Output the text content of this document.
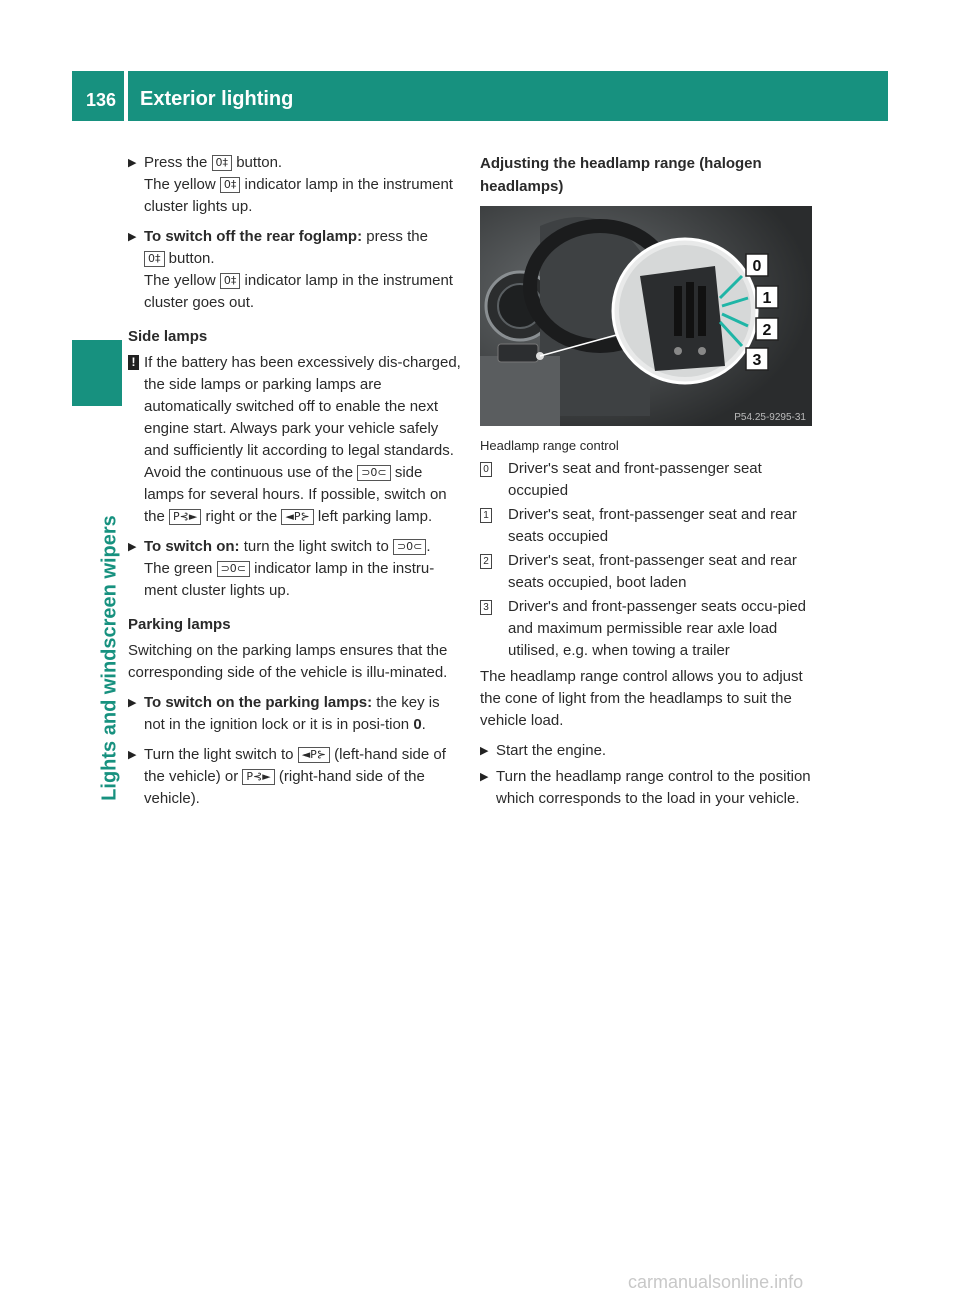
136 Exterior lighting
Lights and windscreen wipers

▶
Press the 0‡ button.
The yellow 0‡ indicator lamp in the instrument cluster lights up.

▶
To switch off the rear foglamp: press the
0‡ button.
The yellow 0‡ indicator lamp in the instrument cluster goes out.

Side lamps

! If the battery has been excessively dis-charged, the side lamps or parking lamps are automatically switched off to enable the next engine start. Always park your vehicle safely and sufficiently lit according to legal standards. Avoid the continuous use of the ⊃0⊂ side lamps for several hours. If possible, switch on the P⊰► right or the ◄P⊱ left parking lamp.

▶
To switch on: turn the light switch to ⊃0⊂ .
The green ⊃0⊂ indicator lamp in the instru-ment cluster lights up.

Parking lamps

Switching on the parking lamps ensures that the corresponding side of the vehicle is illu-minated.

▶
To switch on the parking lamps: the key is not in the ignition lock or it is in posi-tion 0.

▶
Turn the light switch to ◄P⊱ (left-hand side of the vehicle) or P⊰► (right-hand side of the vehicle).

Adjusting the headlamp range (halogen headlamps)

0
1
2
3
P54.25-9295-31
Headlamp range control
0 Driver's seat and front-passenger seat occupied
1 Driver's seat, front-passenger seat and rear seats occupied
2 Driver's seat, front-passenger seat and rear seats occupied, boot laden
3 Driver's and front-passenger seats occu-pied and maximum permissible rear axle load utilised, e.g. when towing a trailer

The headlamp range control allows you to adjust the cone of light from the headlamps to suit the vehicle load.

▶
Start the engine.

▶
Turn the headlamp range control to the position which corresponds to the load in your vehicle.

carmanualsonline.info
